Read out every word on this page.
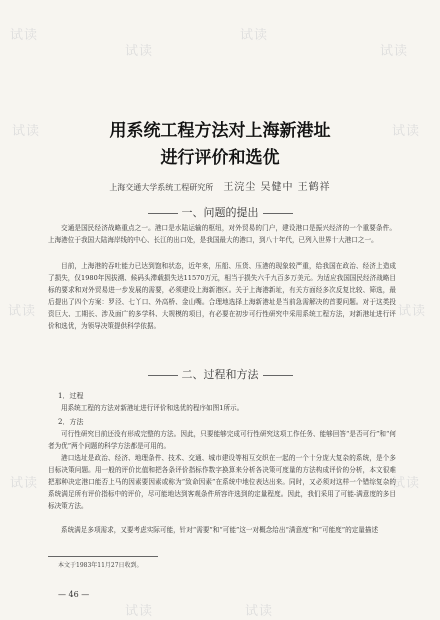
试读
试读
试读
试读
试读	试读
试读	试读
试读	试读
试读	试读
用系统工程方法对上海新港址
进行评价和选优
上海交通大学系统工程研究所 王浣尘 吴健中 王鹤祥
一、问题的提出
交通是国民经济战略重点之一。港口是水陆运输的枢纽，对外贸易的门户，建设港口是振兴经济的一个重要条件。上海港位于我国大陆海岸线的中心、长江的出口处，是我国最大的港口，到八十年代，已列入世界十大港口之一。
目前，上海港的吞吐能力已达到饱和状态，近年来，压船、压货、压港的现象较严重，给我国在政治、经济上造成了损失，仅1980年因拔溯、候码头滞载损失达11570万元，相当于损失六千九百多万美元。为适应我国国民经济战略目标的要求和对外贸易进一步发展的需要，必须建设上海新港区。关于上海港新址，有关方面经多次反复比较、筛选，最后提出了四个方案：罗泾、七丫口、外高桥、金山嘴。合理地选择上海新港址是当前急需解决的首要问题。对于这类投资巨大、工期长、涉及面广的多学科、大规模的项目，有必要在初步可行性研究中采用系统工程方法，对新港址进行评价和选优，为领导决策提供科学依据。
二、过程和方法
1．过程
用系统工程的方法对新港址进行评价和选优的程序如图1所示。
2．方法
可行性研究目前还没有形成完整的方法。因此，只要能够完成可行性研究这项工作任务、能够回答“是否可行”和“何者为优”两个问题的科学方法都是可用的。
港口选址是政治、经济、地理条件、技术、交通、城市建设等相互交织在一起的一个十分庞大复杂的系统，是个多目标决策问题。用一般的评价比值和把各条评价指标作数字换算来分析各决策可度量的方法构成评价的分析，本文很难把那种决定港口能否上马的因素要因素或称为“致命因素”在系统中地位表达出来。同时，又必须对这样一个错综复杂的系统满足所有评价指标中的评价，尽可能地达到客观条件所容许选到的定量程度。因此，我们采用了可能-满意度的多目标决策方法。
系统满足多项需求，又要考虑实际可能，针对“需要”和“可能”这一对概念给出“满意度”和“可能度”的定量描述
本文于1983年11月27日收到。
— 46 —
